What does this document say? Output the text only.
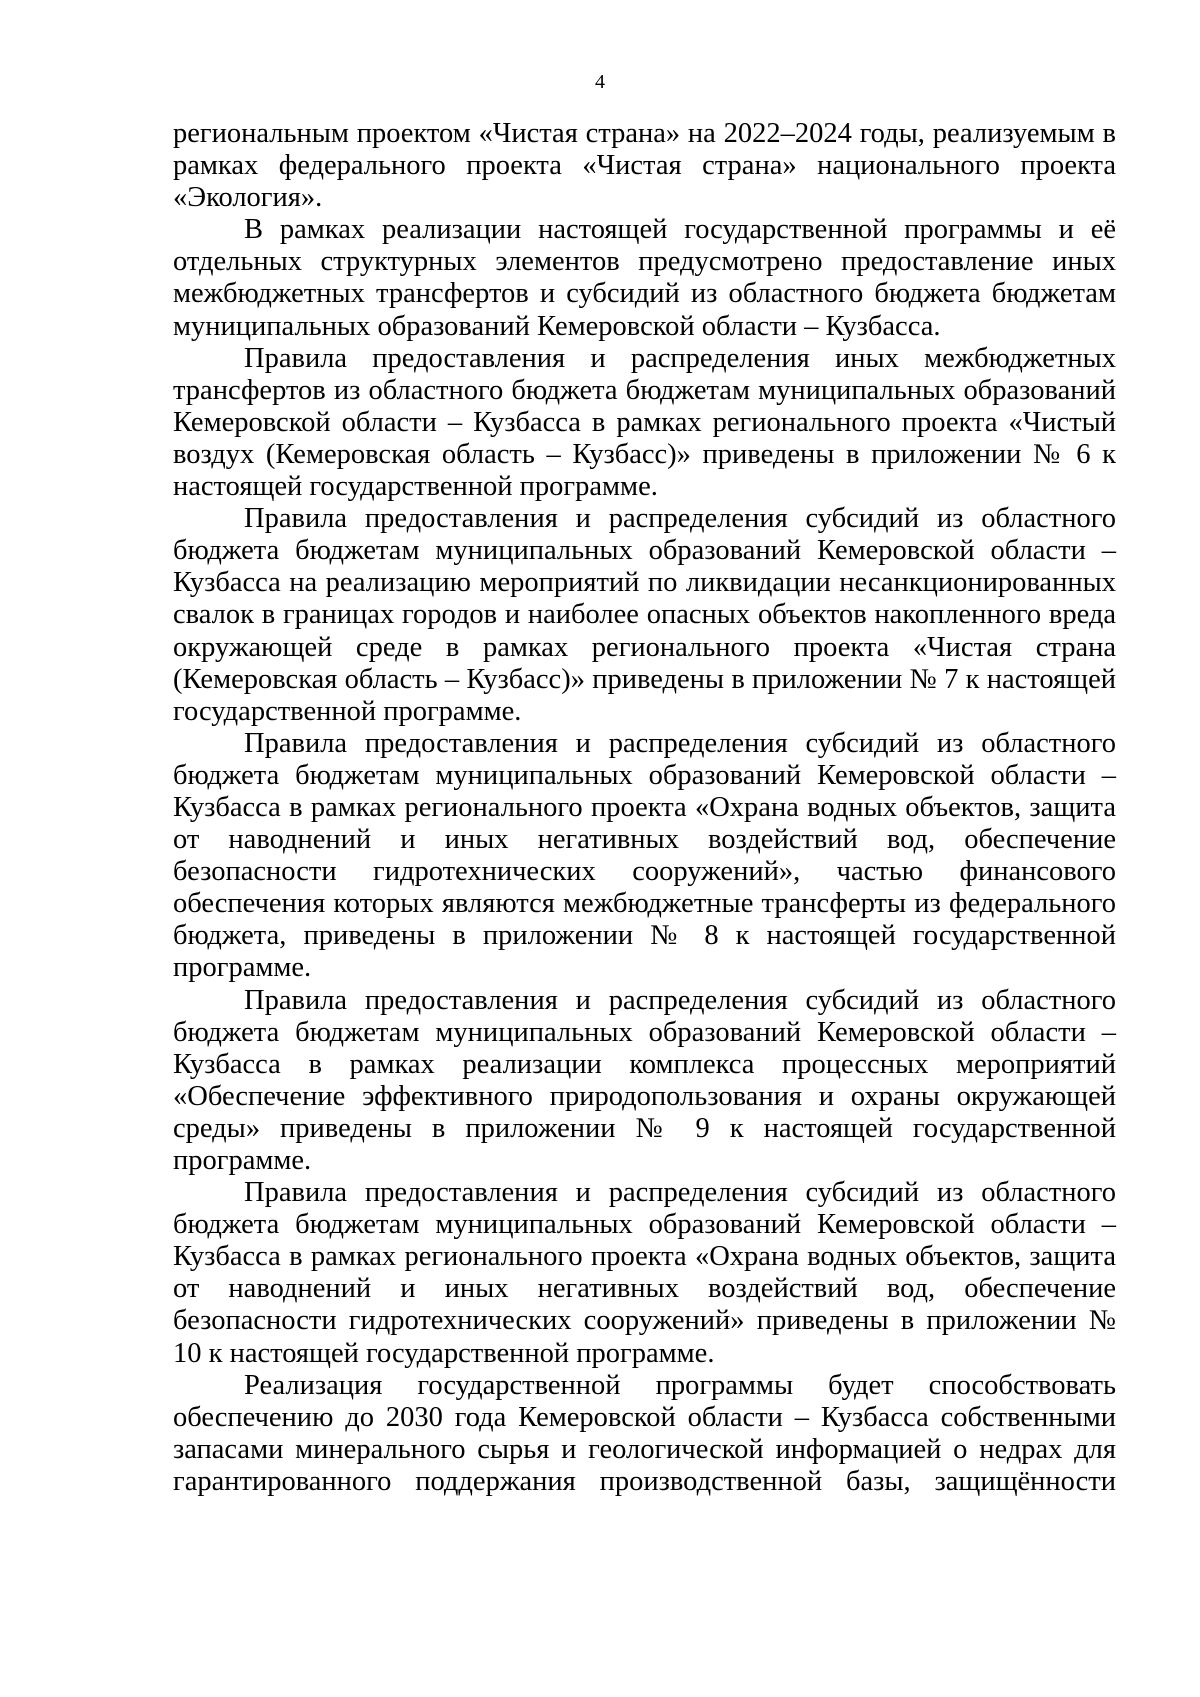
4

региональным проектом «Чистая страна» на 2022–2024 годы, реализуемым в рамках федерального проекта «Чистая страна» национального проекта «Экология».

В рамках реализации настоящей государственной программы и её отдельных структурных элементов предусмотрено предоставление иных межбюджетных трансфертов и субсидий из областного бюджета бюджетам муниципальных образований Кемеровской области – Кузбасса.

Правила предоставления и распределения иных межбюджетных трансфертов из областного бюджета бюджетам муниципальных образований Кемеровской области – Кузбасса в рамках регионального проекта «Чистый воздух (Кемеровская область – Кузбасс)» приведены в приложении № 6 к настоящей государственной программе.

Правила предоставления и распределения субсидий из областного бюджета бюджетам муниципальных образований Кемеровской области – Кузбасса на реализацию мероприятий по ликвидации несанкционированных свалок в границах городов и наиболее опасных объектов накопленного вреда окружающей среде в рамках регионального проекта «Чистая страна (Кемеровская область – Кузбасс)» приведены в приложении № 7 к настоящей государственной программе.

Правила предоставления и распределения субсидий из областного бюджета бюджетам муниципальных образований Кемеровской области – Кузбасса в рамках регионального проекта «Охрана водных объектов, защита от наводнений и иных негативных воздействий вод, обеспечение безопасности гидротехнических сооружений», частью финансового обеспечения которых являются межбюджетные трансферты из федерального бюджета, приведены в приложении № 8 к настоящей государственной программе.

Правила предоставления и распределения субсидий из областного бюджета бюджетам муниципальных образований Кемеровской области – Кузбасса в рамках реализации комплекса процессных мероприятий «Обеспечение эффективного природопользования и охраны окружающей среды» приведены в приложении № 9 к настоящей государственной программе.

Правила предоставления и распределения субсидий из областного бюджета бюджетам муниципальных образований Кемеровской области – Кузбасса в рамках регионального проекта «Охрана водных объектов, защита от наводнений и иных негативных воздействий вод, обеспечение безопасности гидротехнических сооружений» приведены в приложении № 10 к настоящей государственной программе.

Реализация государственной программы будет способствовать обеспечению до 2030 года Кемеровской области – Кузбасса собственными запасами минерального сырья и геологической информацией о недрах для гарантированного поддержания производственной базы, защищённости
